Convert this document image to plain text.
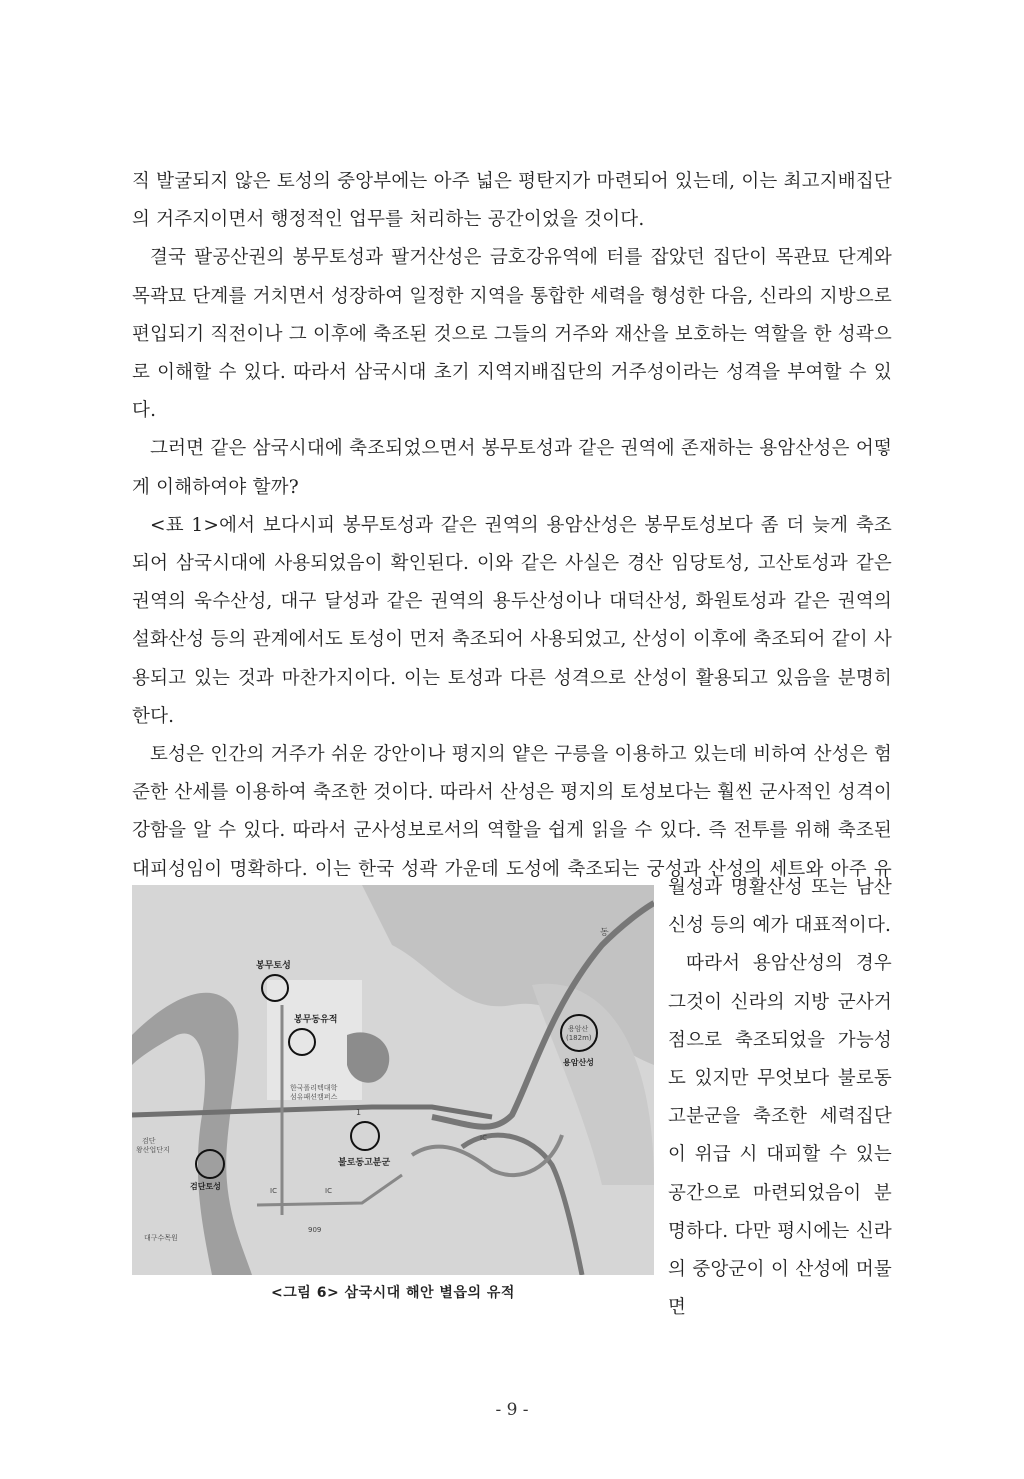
직 발굴되지 않은 토성의 중앙부에는 아주 넓은 평탄지가 마련되어 있는데, 이는 최고지배집단의 거주지이면서 행정적인 업무를 처리하는 공간이었을 것이다.

결국 팔공산권의 봉무토성과 팔거산성은 금호강유역에 터를 잡았던 집단이 목관묘 단계와 목곽묘 단계를 거치면서 성장하여 일정한 지역을 통합한 세력을 형성한 다음, 신라의 지방으로 편입되기 직전이나 그 이후에 축조된 것으로 그들의 거주와 재산을 보호하는 역할을 한 성곽으로 이해할 수 있다. 따라서 삼국시대 초기 지역지배집단의 거주성이라는 성격을 부여할 수 있다.

그러면 같은 삼국시대에 축조되었으면서 봉무토성과 같은 권역에 존재하는 용암산성은 어떻게 이해하여야 할까?

<표 1>에서 보다시피 봉무토성과 같은 권역의 용암산성은 봉무토성보다 좀 더 늦게 축조되어 삼국시대에 사용되었음이 확인된다. 이와 같은 사실은 경산 임당토성, 고산토성과 같은 권역의 욱수산성, 대구 달성과 같은 권역의 용두산성이나 대덕산성, 화원토성과 같은 권역의 설화산성 등의 관계에서도 토성이 먼저 축조되어 사용되었고, 산성이 이후에 축조되어 같이 사용되고 있는 것과 마찬가지이다. 이는 토성과 다른 성격으로 산성이 활용되고 있음을 분명히 한다.

토성은 인간의 거주가 쉬운 강안이나 평지의 얕은 구릉을 이용하고 있는데 비하여 산성은 험준한 산세를 이용하여 축조한 것이다. 따라서 산성은 평지의 토성보다는 훨씬 군사적인 성격이 강함을 알 수 있다. 따라서 군사성보로서의 역할을 쉽게 읽을 수 있다. 즉 전투를 위해 축조된 대피성임이 명확하다. 이는 한국 성곽 가운데 도성에 축조되는 궁성과 산성의 세트와 아주 유

봉무토성
봉무동유적
용암산
(182m)
용암산성
불로동고분군
검단토성
한국폴리텍대학
섬유패션캠퍼스
검단
왕산업단지
대구수목원
IC	IC
IC
1
909
동
<그림 6> 삼국시대 해안 별읍의 유적

월성과 명활산성 또는 남산신성 등의 예가 대표적이다.

따라서 용암산성의 경우 그것이 신라의 지방 군사거점으로 축조되었을 가능성도 있지만 무엇보다 불로동고분군을 축조한 세력집단이 위급 시 대피할 수 있는 공간으로 마련되었음이 분명하다. 다만 평시에는 신라의 중앙군이 이 산성에 머물면

- 9 -
